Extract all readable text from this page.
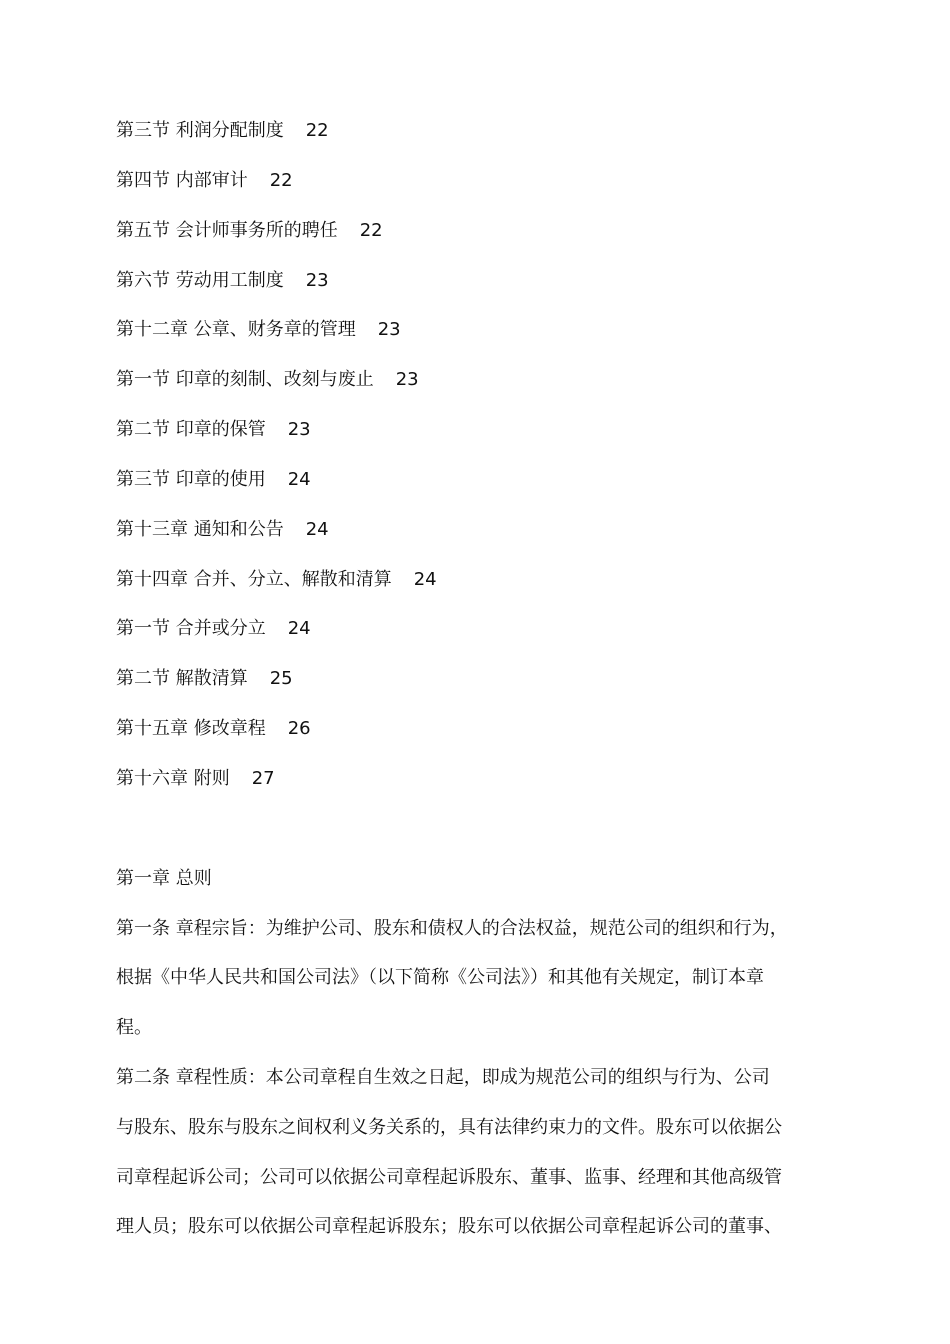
第三节 利润分配制度 22
第四节 内部审计 22
第五节 会计师事务所的聘任 22
第六节 劳动用工制度 23
第十二章 公章、财务章的管理 23
第一节 印章的刻制、改刻与废止 23
第二节 印章的保管 23
第三节 印章的使用 24
第十三章 通知和公告 24
第十四章 合并、分立、解散和清算 24
第一节 合并或分立 24
第二节 解散清算 25
第十五章 修改章程 26
第十六章 附则 27
第一章 总则
第一条 章程宗旨：为维护公司、股东和债权人的合法权益，规范公司的组织和行为，
根据《中华人民共和国公司法》（以下简称《公司法》）和其他有关规定，制订本章
程。
第二条 章程性质：本公司章程自生效之日起，即成为规范公司的组织与行为、公司
与股东、股东与股东之间权利义务关系的，具有法律约束力的文件。股东可以依据公
司章程起诉公司；公司可以依据公司章程起诉股东、董事、监事、经理和其他高级管
理人员；股东可以依据公司章程起诉股东；股东可以依据公司章程起诉公司的董事、
